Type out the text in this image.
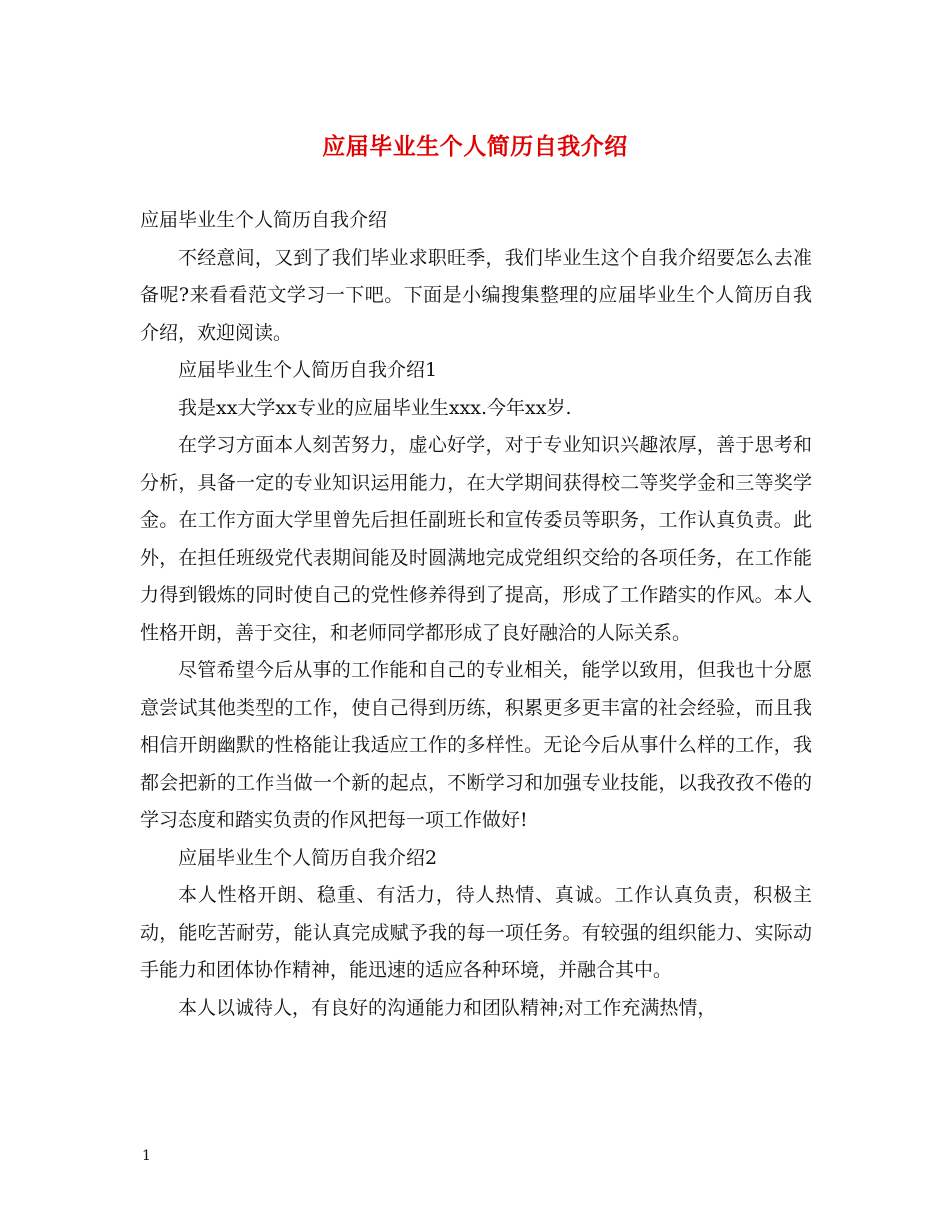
应届毕业生个人简历自我介绍

应届毕业生个人简历自我介绍

不经意间，又到了我们毕业求职旺季，我们毕业生这个自我介绍要怎么去准备呢?来看看范文学习一下吧。下面是小编搜集整理的应届毕业生个人简历自我介绍，欢迎阅读。

应届毕业生个人简历自我介绍1

我是xx大学xx专业的应届毕业生xxx.今年xx岁.

在学习方面本人刻苦努力，虚心好学，对于专业知识兴趣浓厚，善于思考和分析，具备一定的专业知识运用能力，在大学期间获得校二等奖学金和三等奖学金。在工作方面大学里曾先后担任副班长和宣传委员等职务，工作认真负责。此外，在担任班级党代表期间能及时圆满地完成党组织交给的各项任务，在工作能力得到锻炼的同时使自己的党性修养得到了提高，形成了工作踏实的作风。本人性格开朗，善于交往，和老师同学都形成了良好融洽的人际关系。

尽管希望今后从事的工作能和自己的专业相关，能学以致用，但我也十分愿意尝试其他类型的工作，使自己得到历练，积累更多更丰富的社会经验，而且我相信开朗幽默的性格能让我适应工作的多样性。无论今后从事什么样的工作，我都会把新的工作当做一个新的起点，不断学习和加强专业技能，以我孜孜不倦的学习态度和踏实负责的作风把每一项工作做好!

应届毕业生个人简历自我介绍2

本人性格开朗、稳重、有活力，待人热情、真诚。工作认真负责，积极主动，能吃苦耐劳，能认真完成赋予我的每一项任务。有较强的组织能力、实际动手能力和团体协作精神，能迅速的适应各种环境，并融合其中。

本人以诚待人，有良好的沟通能力和团队精神;对工作充满热情，

1
